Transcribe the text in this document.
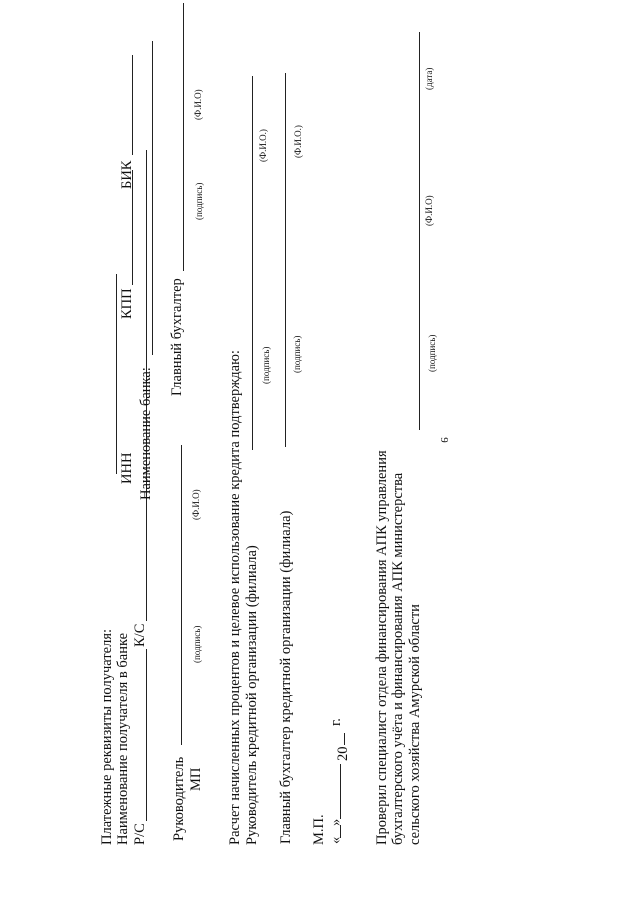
9
Платежные реквизиты получателя: Наименование получателя в банке Р/С
К/С
ИНН
КПП
БИК
Наименование банка:
Руководитель МП
(подпись)
(Ф.И.О)
Главный бухгалтер
(подпись)
(Ф.И.О)
Расчет начисленных процентов и целевое использование кредита подтверждаю: Руководитель кредитной организации (филиала)
(подпись)
(Ф.И.О.)
Главный бухгалтер кредитной организации (филиала)
(подпись)
(Ф.И.О.)
М.П. «
»
20
г. Проверил специалист отдела финансирования АПК управления бухгалтерского учёта и финансирования АПК министерства сельского хозяйства Амурской области
(подпись)
(Ф.И.О)
(дата)
